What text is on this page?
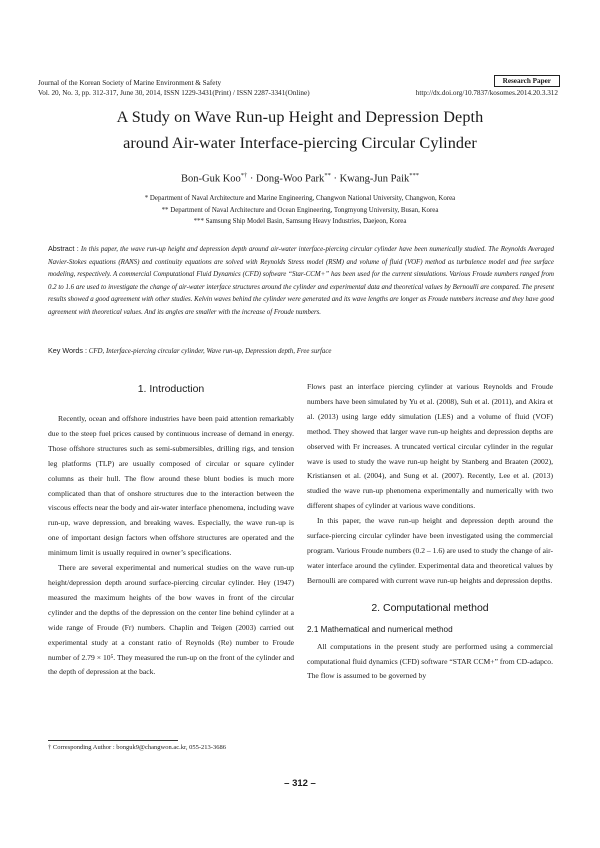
Journal of the Korean Society of Marine Environment & Safety
Vol. 20, No. 3, pp. 312-317, June 30, 2014, ISSN 1229-3431(Print) / ISSN 2287-3341(Online)	http://dx.doi.org/10.7837/kosomes.2014.20.3.312
Research Paper
A Study on Wave Run-up Height and Depression Depth
around Air-water Interface-piercing Circular Cylinder
Bon-Guk Koo*† · Dong-Woo Park** · Kwang-Jun Paik***
* Department of Naval Architecture and Marine Engineering, Changwon National University, Changwon, Korea
** Department of Naval Architecture and Ocean Engineering, Tongmyong University, Busan, Korea
*** Samsung Ship Model Basin, Samsung Heavy Industries, Daejeon, Korea
Abstract : In this paper, the wave run-up height and depression depth around air-water interface-piercing circular cylinder have been numerically studied. The Reynolds Averaged Navier-Stokes equations (RANS) and continuity equations are solved with Reynolds Stress model (RSM) and volume of fluid (VOF) method as turbulence model and free surface modeling, respectively. A commercial Computational Fluid Dynamics (CFD) software “Star-CCM+” has been used for the current simulations. Various Froude numbers ranged from 0.2 to 1.6 are used to investigate the change of air-water interface structures around the cylinder and experimental data and theoretical values by Bernoulli are compared. The present results showed a good agreement with other studies. Kelvin waves behind the cylinder were generated and its wave lengths are longer as Froude numbers increase and they have good agreement with theoretical values. And its angles are smaller with the increase of Froude numbers.
Key Words : CFD, Interface-piercing circular cylinder, Wave run-up, Depression depth, Free surface
1. Introduction

Recently, ocean and offshore industries have been paid attention remarkably due to the steep fuel prices caused by continuous increase of demand in energy. Those offshore structures such as semi-submersibles, drilling rigs, and tension leg platforms (TLP) are usually composed of circular or square cylinder columns as their hull. The flow around these blunt bodies is much more complicated than that of onshore structures due to the interaction between the viscous effects near the body and air-water interface phenomena, including wave run-up, wave depression, and breaking waves. Especially, the wave run-up is one of important design factors when offshore structures are operated and the minimum limit is usually required in owner’s specifications.

There are several experimental and numerical studies on the wave run-up height/depression depth around surface-piercing circular cylinder. Hey (1947) measured the maximum heights of the bow waves in front of the circular cylinder and the depths of the depression on the center line behind cylinder at a wide range of Froude (Fr) numbers. Chaplin and Teigen (2003) carried out experimental study at a constant ratio of Reynolds (Re) number to Froude number of 2.79 × 10⁵. They measured the run-up on the front of the cylinder and the depth of depression at the back.

Flows past an interface piercing cylinder at various Reynolds and Froude numbers have been simulated by Yu et al. (2008), Suh et al. (2011), and Akira et al. (2013) using large eddy simulation (LES) and a volume of fluid (VOF) method. They showed that larger wave run-up heights and depression depths are observed with Fr increases. A truncated vertical circular cylinder in the regular wave is used to study the wave run-up height by Stanberg and Braaten (2002), Kristiansen et al. (2004), and Sung et al. (2007). Recently, Lee et al. (2013) studied the wave run-up phenomena experimentally and numerically with two different shapes of cylinder at various wave conditions.

In this paper, the wave run-up height and depression depth around the surface-piercing circular cylinder have been investigated using the commercial program. Various Froude numbers (0.2 – 1.6) are used to study the change of air-water interface around the cylinder. Experimental data and theoretical values by Bernoulli are compared with current wave run-up heights and depression depths.

2. Computational method
2.1 Mathematical and numerical method

All computations in the present study are performed using a commercial computational fluid dynamics (CFD) software “STAR CCM+” from CD-adapco. The flow is assumed to be governed by

† Corresponding Author : bonguk9@changwon.ac.kr, 055-213-3686
– 312 –
